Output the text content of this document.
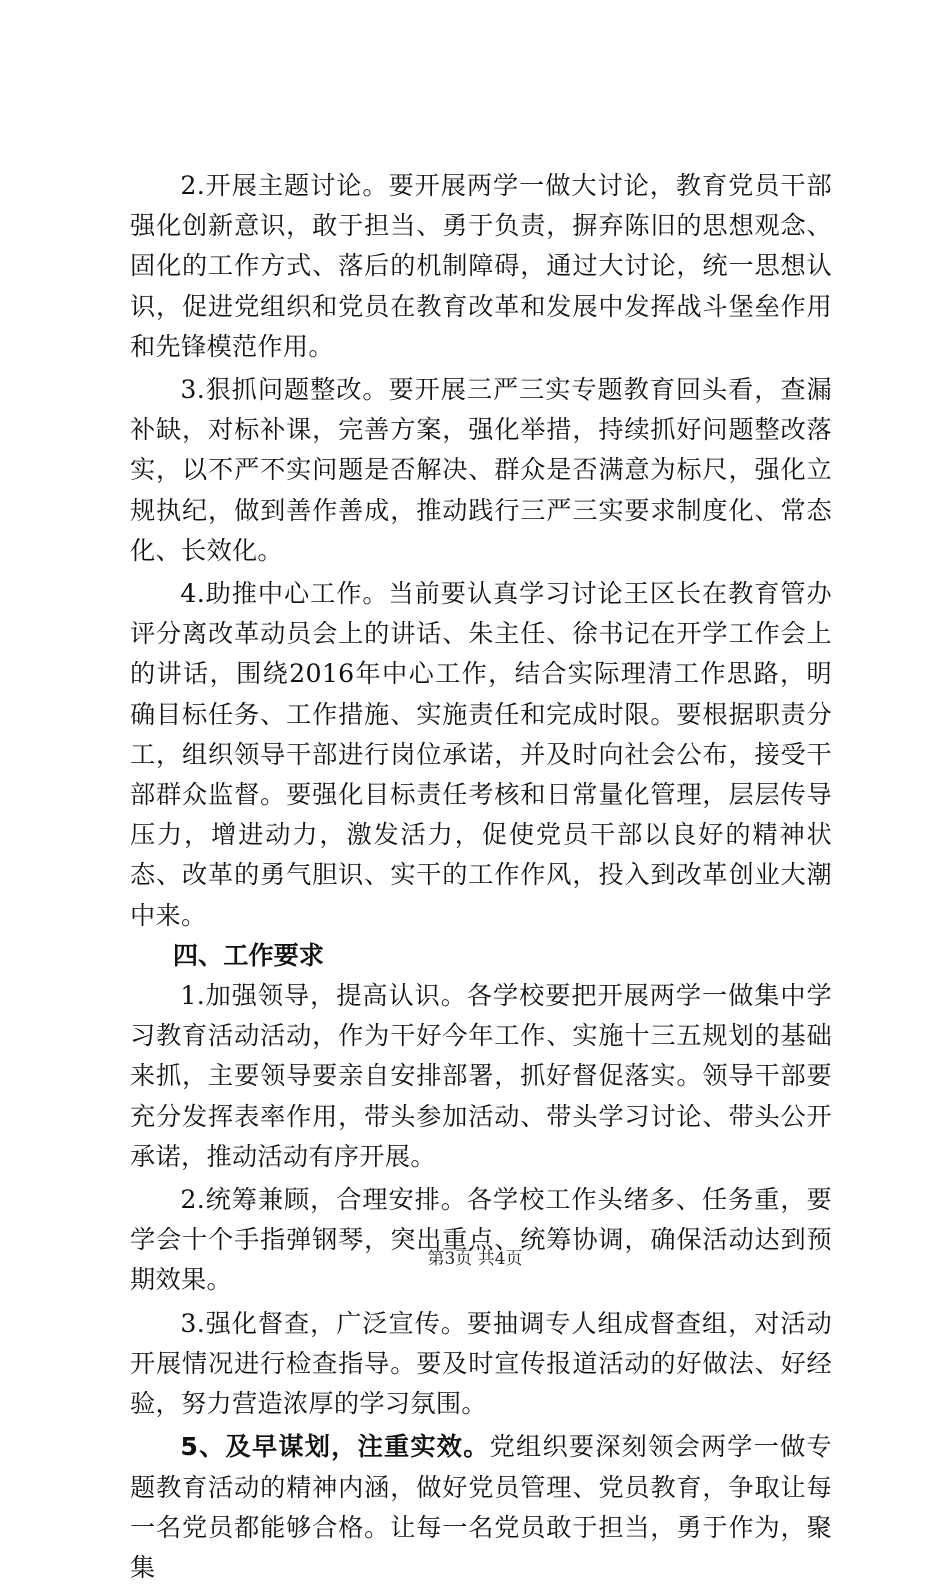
2.开展主题讨论。要开展两学一做大讨论，教育党员干部强化创新意识，敢于担当、勇于负责，摒弃陈旧的思想观念、固化的工作方式、落后的机制障碍，通过大讨论，统一思想认识，促进党组织和党员在教育改革和发展中发挥战斗堡垒作用和先锋模范作用。

3.狠抓问题整改。要开展三严三实专题教育回头看，查漏补缺，对标补课，完善方案，强化举措，持续抓好问题整改落实，以不严不实问题是否解决、群众是否满意为标尺，强化立规执纪，做到善作善成，推动践行三严三实要求制度化、常态化、长效化。

4.助推中心工作。当前要认真学习讨论王区长在教育管办评分离改革动员会上的讲话、朱主任、徐书记在开学工作会上的讲话，围绕2016年中心工作，结合实际理清工作思路，明确目标任务、工作措施、实施责任和完成时限。要根据职责分工，组织领导干部进行岗位承诺，并及时向社会公布，接受干部群众监督。要强化目标责任考核和日常量化管理，层层传导压力，增进动力，激发活力，促使党员干部以良好的精神状态、改革的勇气胆识、实干的工作作风，投入到改革创业大潮中来。

四、工作要求

1.加强领导，提高认识。各学校要把开展两学一做集中学习教育活动活动，作为干好今年工作、实施十三五规划的基础来抓，主要领导要亲自安排部署，抓好督促落实。领导干部要充分发挥表率作用，带头参加活动、带头学习讨论、带头公开承诺，推动活动有序开展。

2.统筹兼顾，合理安排。各学校工作头绪多、任务重，要学会十个手指弹钢琴，突出重点、统筹协调，确保活动达到预期效果。

3.强化督查，广泛宣传。要抽调专人组成督查组，对活动开展情况进行检查指导。要及时宣传报道活动的好做法、好经验，努力营造浓厚的学习氛围。

5、及早谋划，注重实效。党组织要深刻领会两学一做专题教育活动的精神内涵，做好党员管理、党员教育，争取让每一名党员都能够合格。让每一名党员敢于担当，勇于作为，聚集

第3页 共4页
